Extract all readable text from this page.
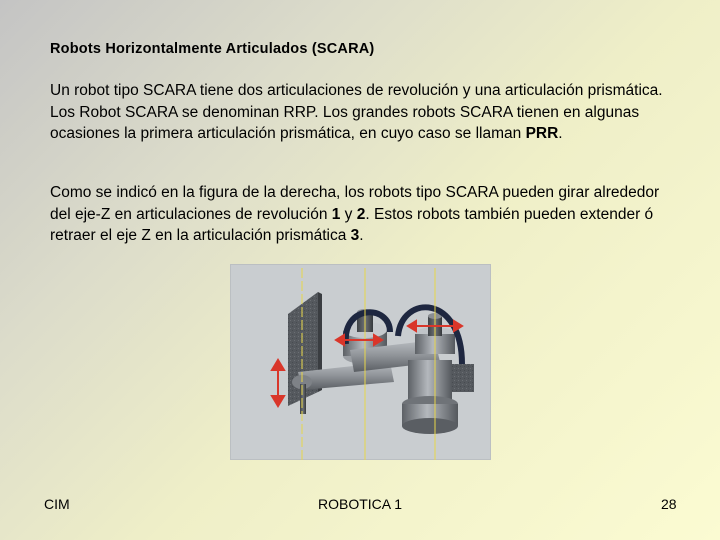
Robots Horizontalmente Articulados (SCARA)
Un robot tipo SCARA tiene dos articulaciones de revolución y una articulación prismática. Los Robot SCARA se denominan RRP. Los grandes robots SCARA tienen en algunas ocasiones la primera articulación prismática, en cuyo caso se llaman PRR.
Como se indicó en la figura de la derecha, los robots tipo SCARA pueden girar alrededor del eje-Z en articulaciones de revolución 1 y 2. Estos robots también pueden extender ó retraer el eje Z en la articulación prismática 3.
CIM	ROBOTICA 1	28
